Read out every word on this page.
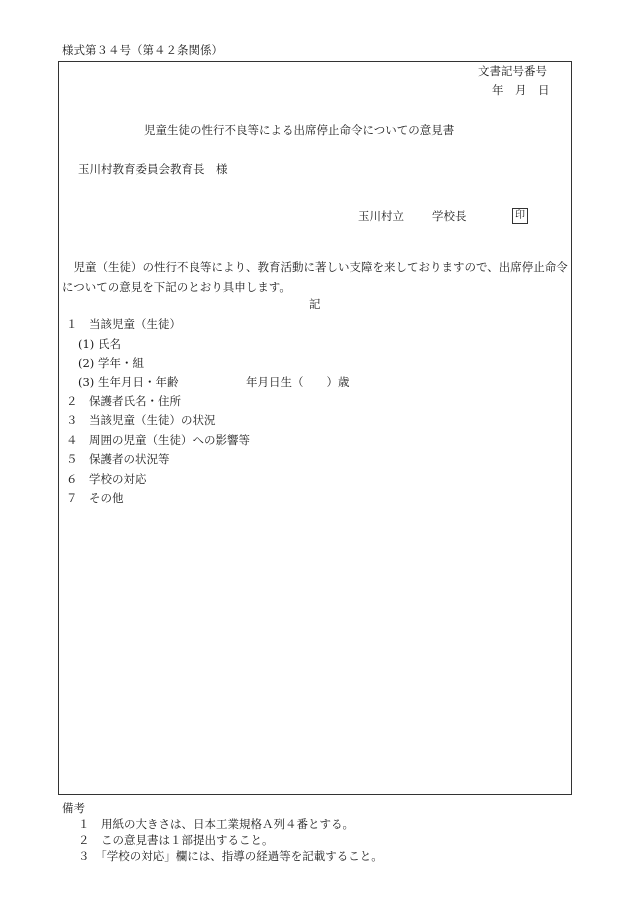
様式第３４号（第４２条関係）
文書記号番号
年　月　日
児童生徒の性行不良等による出席停止命令についての意見書
玉川村教育委員会教育長　様
玉川村立 学校長	印
児童（生徒）の性行不良等により、教育活動に著しい支障を来しておりますので、出席停止命令についての意見を下記のとおり具申します。
記
１　当該児童（生徒）
(1) 氏名
(2) 学年・組
(3) 生年月日・年齢	年月日生（　　）歳
２　保護者氏名・住所
３　当該児童（生徒）の状況
４　周囲の児童（生徒）への影響等
５　保護者の状況等
６　学校の対応
７　その他
備考
１　用紙の大きさは、日本工業規格Ａ列４番とする。
２　この意見書は１部提出すること。
３　「学校の対応」欄には、指導の経過等を記載すること。
